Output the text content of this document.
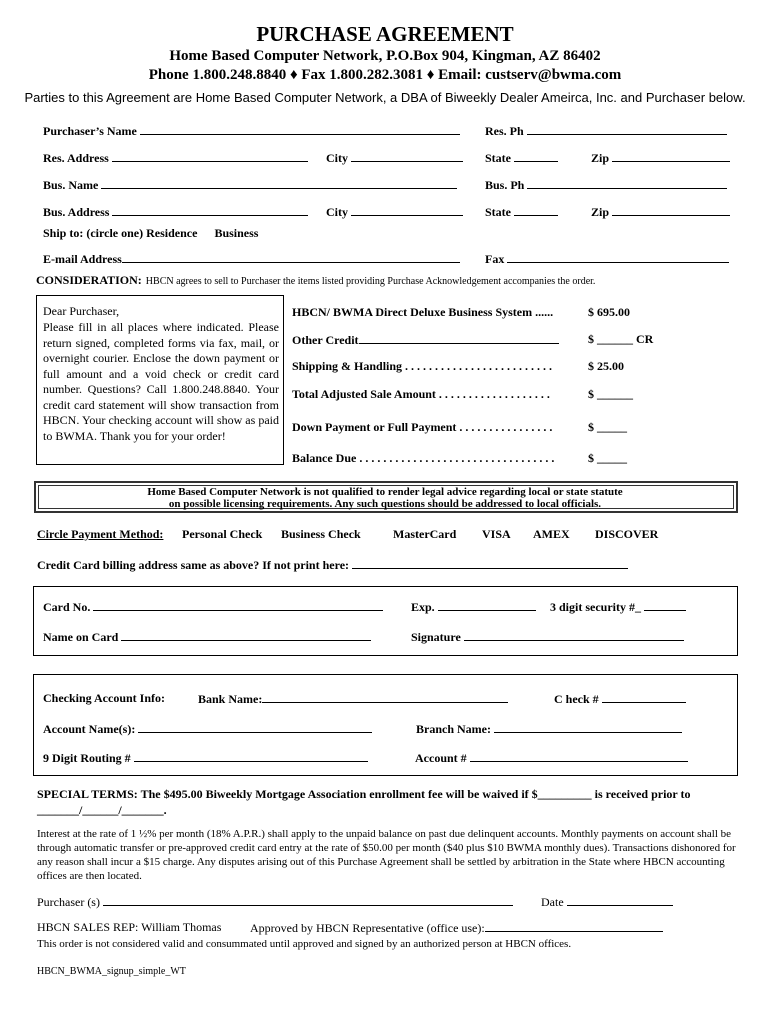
PURCHASE AGREEMENT
Home Based Computer Network, P.O.Box 904, Kingman, AZ 86402
Phone 1.800.248.8840 ♦ Fax 1.800.282.3081 ♦ Email: custserv@bwma.com
Parties to this Agreement are Home Based Computer Network, a DBA of Biweekly Dealer Ameirca, Inc. and Purchaser below.
Purchaser’s Name	Res. Ph
Res. Address	City	State	Zip
Bus. Name	Bus. Ph
Bus. Address	City	State	Zip
Ship to: (circle one) Residence Business
E-mail Address	Fax
CONSIDERATION: HBCN agrees to sell to Purchaser the items listed providing Purchase Acknowledgement accompanies the order.
Dear Purchaser,
Please fill in all places where indicated. Please return signed, completed forms via fax, mail, or overnight courier. Enclose the down payment or full amount and a void check or credit card number. Questions? Call 1.800.248.8840. Your credit card statement will show transaction from HBCN. Your checking account will show as paid to BWMA. Thank you for your order!
HBCN/ BWMA Direct Deluxe Business System ......	$ 695.00
Other Credit	$ ______ CR
Shipping & Handling . . . . . . . . . . . . . . . . . . . . . . . . .	$ 25.00
Total Adjusted Sale Amount . . . . . . . . . . . . . . . . . . .	$ ______
Down Payment or Full Payment . . . . . . . . . . . . . . . .	$ _____
Balance Due . . . . . . . . . . . . . . . . . . . . . . . . . . . . . . . . .	$ _____
Home Based Computer Network is not qualified to render legal advice regarding local or state statute
on possible licensing requirements. Any such questions should be addressed to local officials.
Circle Payment Method: Personal Check Business Check	MasterCard VISA AMEX DISCOVER
Credit Card billing address same as above? If not print here:
Card No.	Exp.	3 digit security #_
Name on Card	Signature
Checking Account Info:	Bank Name:	C heck #
Account Name(s):	Branch Name:
9 Digit Routing #	Account #
SPECIAL TERMS: The $495.00 Biweekly Mortgage Association enrollment fee will be waived if $_________ is received prior to
_______/______/_______.
Interest at the rate of 1 ½% per month (18% A.P.R.) shall apply to the unpaid balance on past due delinquent accounts. Monthly payments on account shall be through automatic transfer or pre-approved credit card entry at the rate of $50.00 per month ($40 plus $10 BWMA monthly dues). Transactions dishonored for any reason shall incur a $15 charge. Any disputes arising out of this Purchase Agreement shall be settled by arbitration in the State where HBCN accounting offices are then located.
Purchaser (s)	Date
HBCN SALES REP: William Thomas Approved by HBCN Representative (office use):
This order is not considered valid and consummated until approved and signed by an authorized person at HBCN offices.
HBCN_BWMA_signup_simple_WT
